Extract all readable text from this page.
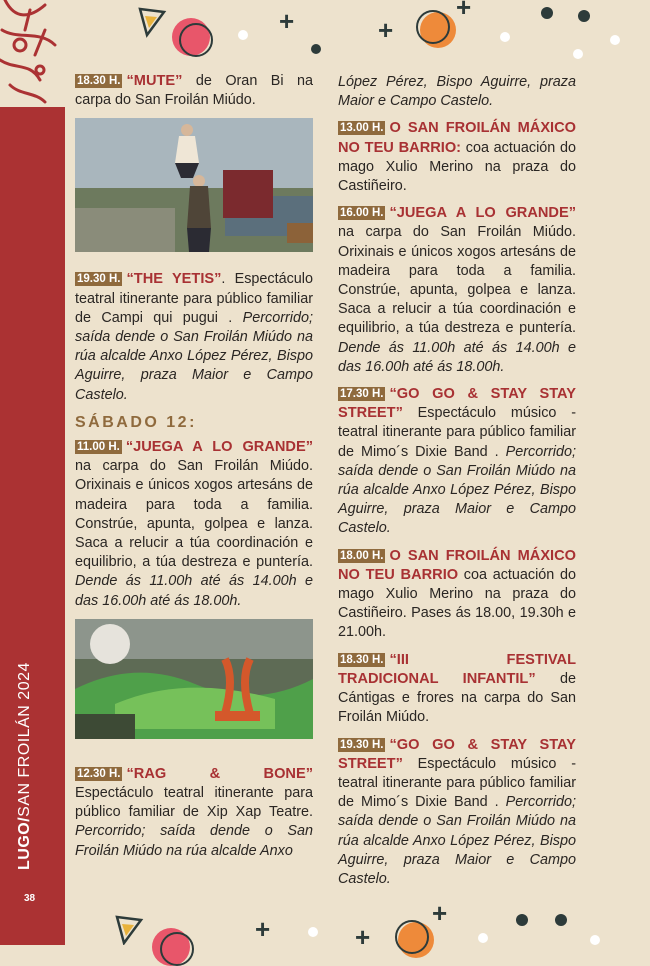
+	+
+
LUGO/SAN FROILÁN 2024
38
18.30 H. “MUTE” de Oran Bi na carpa do San Froilán Miúdo.
19.30 H. “THE YETIS”. Espectáculo teatral itinerante para público familiar de Campi qui pugui . Percorrido; saída dende o San Froilán Miúdo na rúa alcalde Anxo López Pérez, Bispo Aguirre, praza Maior e Campo Castelo.
SÁBADO 12:
11.00 H. “JUEGA A LO GRANDE” na carpa do San Froilán Miúdo. Orixinais e únicos xogos artesáns de madeira para toda a familia. Constrúe, apunta, golpea e lanza. Saca a relucir a túa coordinación e equilibrio, a túa destreza e puntería. Dende ás 11.00h até ás 14.00h e das 16.00h até ás 18.00h.
12.30 H. “RAG & BONE” Espectáculo teatral itinerante para público familiar de Xip Xap Teatre. Percorrido; saída dende o San Froilán Miúdo na rúa alcalde Anxo
López Pérez, Bispo Aguirre, praza Maior e Campo Castelo.
13.00 H. O SAN FROILÁN MÁXICO NO TEU BARRIO: coa actuación do mago Xulio Merino na praza do Castiñeiro.
16.00 H. “JUEGA A LO GRANDE” na carpa do San Froilán Miúdo. Orixinais e únicos xogos artesáns de madeira para toda a familia. Constrúe, apunta, golpea e lanza. Saca a relucir a túa coordinación e equilibrio, a túa destreza e puntería. Dende ás 11.00h até ás 14.00h e das 16.00h até ás 18.00h.
17.30 H. “GO GO & STAY STAY STREET” Espectáculo músico - teatral itinerante para público familiar de Mimo´s Dixie Band . Percorrido; saída dende o San Froilán Miúdo na rúa alcalde Anxo López Pérez, Bispo Aguirre, praza Maior e Campo Castelo.
18.00 H. O SAN FROILÁN MÁXICO NO TEU BARRIO coa actuación do mago Xulio Merino na praza do Castiñeiro. Pases ás 18.00, 19.30h e 21.00h.
18.30 H. “III FESTIVAL TRADICIONAL INFANTIL” de Cántigas e frores na carpa do San Froilán Miúdo.
19.30 H. “GO GO & STAY STAY STREET” Espectáculo músico - teatral itinerante para público familiar de Mimo´s Dixie Band . Percorrido; saída dende o San Froilán Miúdo na rúa alcalde Anxo López Pérez, Bispo Aguirre, praza Maior e Campo Castelo.
+	+
+
